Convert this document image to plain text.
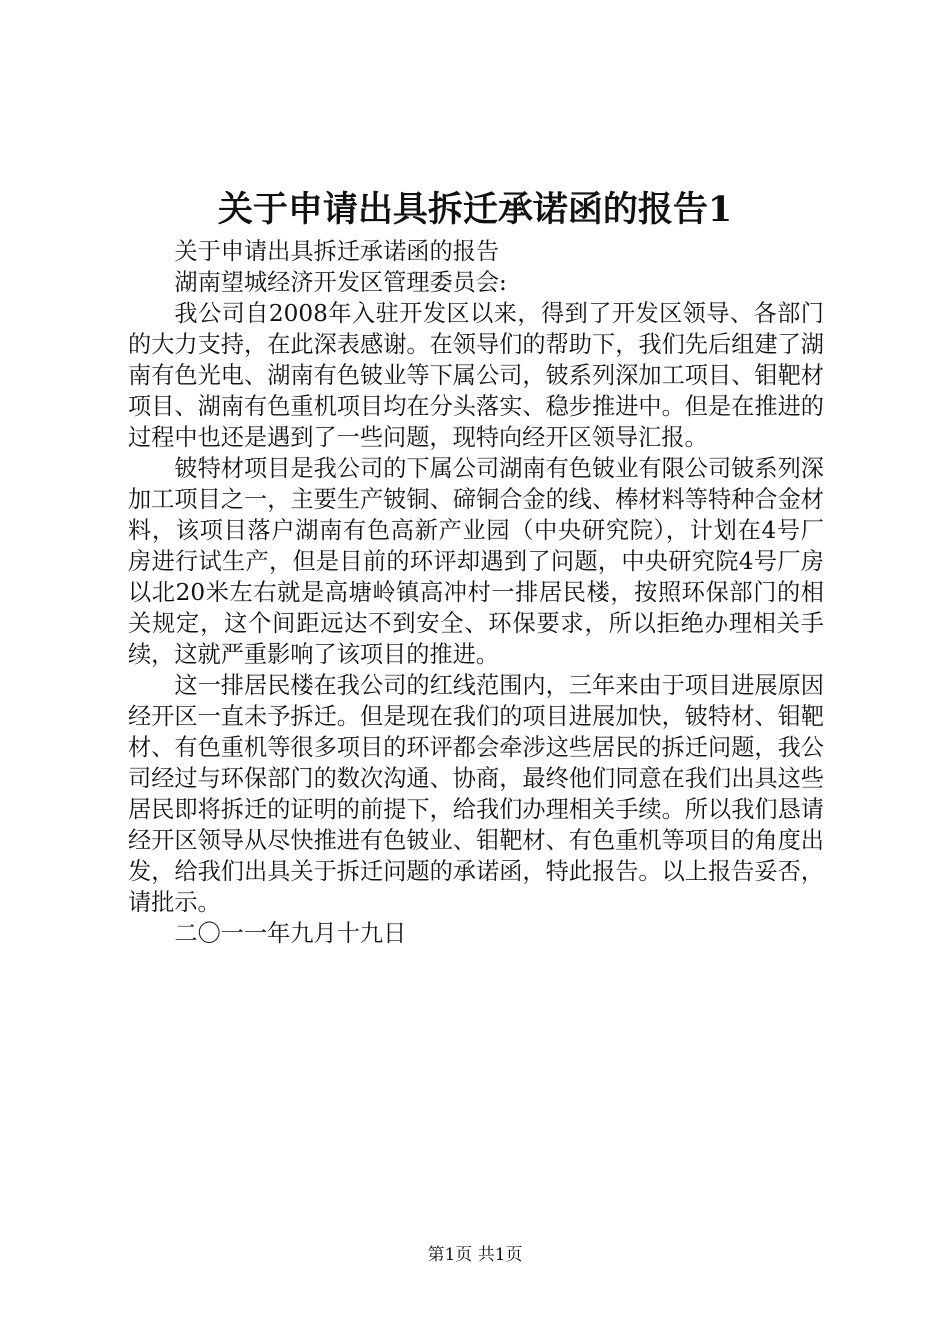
关于申请出具拆迁承诺函的报告1

关于申请出具拆迁承诺函的报告

湖南望城经济开发区管理委员会:

我公司自2008年入驻开发区以来，得到了开发区领导、各部门的大力支持，在此深表感谢。在领导们的帮助下，我们先后组建了湖南有色光电、湖南有色铍业等下属公司，铍系列深加工项目、钼靶材项目、湖南有色重机项目均在分头落实、稳步推进中。但是在推进的过程中也还是遇到了一些问题，现特向经开区领导汇报。

铍特材项目是我公司的下属公司湖南有色铍业有限公司铍系列深加工项目之一，主要生产铍铜、碲铜合金的线、棒材料等特种合金材料，该项目落户湖南有色高新产业园（中央研究院），计划在4号厂房进行试生产，但是目前的环评却遇到了问题，中央研究院4号厂房以北20米左右就是高塘岭镇高冲村一排居民楼，按照环保部门的相关规定，这个间距远达不到安全、环保要求，所以拒绝办理相关手续，这就严重影响了该项目的推进。

这一排居民楼在我公司的红线范围内，三年来由于项目进展原因经开区一直未予拆迁。但是现在我们的项目进展加快，铍特材、钼靶材、有色重机等很多项目的环评都会牵涉这些居民的拆迁问题，我公司经过与环保部门的数次沟通、协商，最终他们同意在我们出具这些居民即将拆迁的证明的前提下，给我们办理相关手续。所以我们恳请经开区领导从尽快推进有色铍业、钼靶材、有色重机等项目的角度出发，给我们出具关于拆迁问题的承诺函，特此报告。以上报告妥否，请批示。

二〇一一年九月十九日

第1页 共1页
